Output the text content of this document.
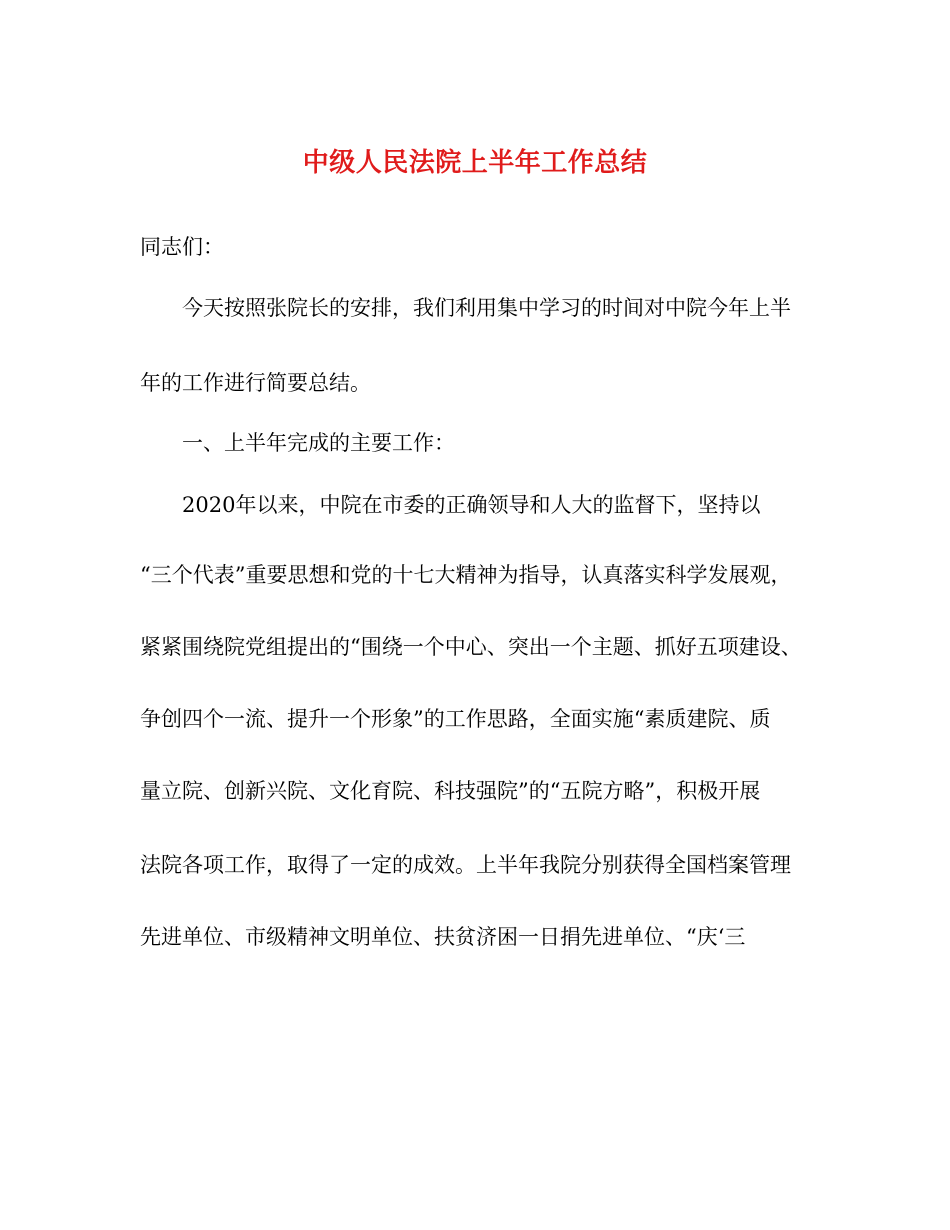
中级人民法院上半年工作总结
同志们：
今天按照张院长的安排，我们利用集中学习的时间对中院今年上半
年的工作进行简要总结。
一、上半年完成的主要工作：
2020年以来，中院在市委的正确领导和人大的监督下，坚持以
“三个代表”重要思想和党的十七大精神为指导，认真落实科学发展观，
紧紧围绕院党组提出的“围绕一个中心、突出一个主题、抓好五项建设、
争创四个一流、提升一个形象”的工作思路，全面实施“素质建院、质
量立院、创新兴院、文化育院、科技强院”的“五院方略”，积极开展
法院各项工作，取得了一定的成效。上半年我院分别获得全国档案管理
先进单位、市级精神文明单位、扶贫济困一日捐先进单位、“庆‘三
